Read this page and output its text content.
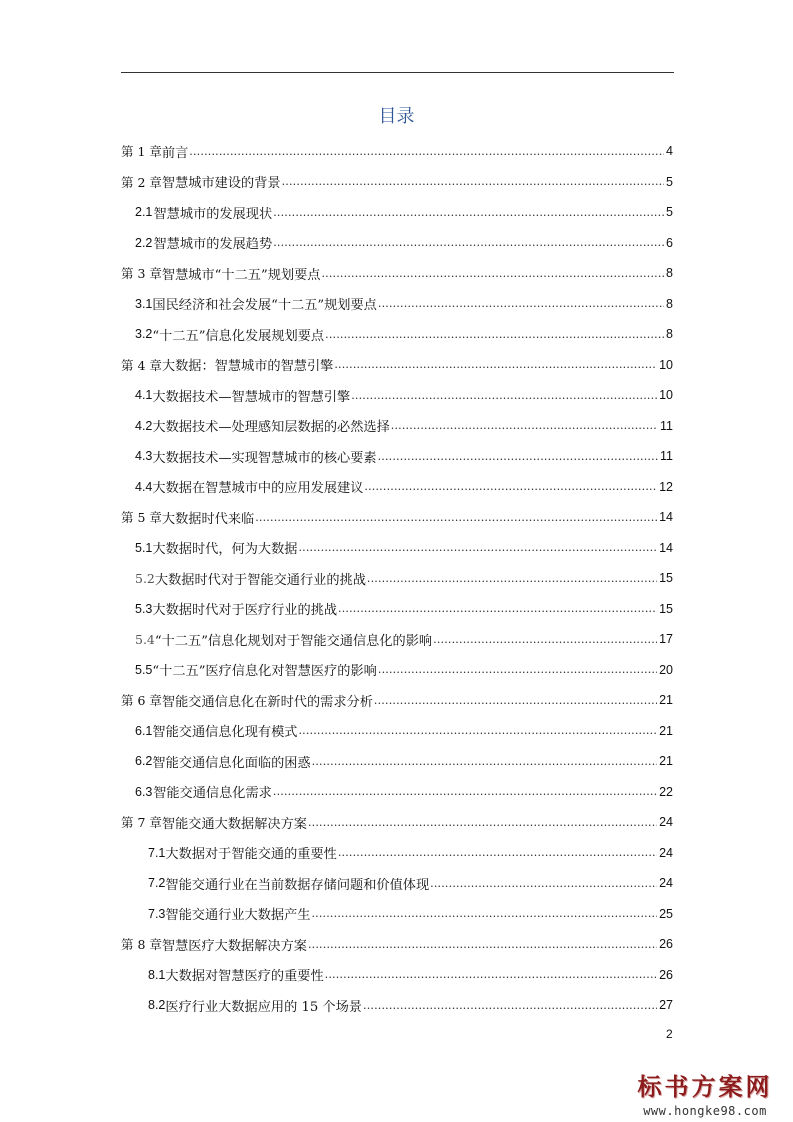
目录
第 1 章 前言 .....	4
第 2 章 智慧城市建设的背景 .....	5
2.1 智慧城市的发展现状 .....	5
2.2 智慧城市的发展趋势 .....	6
第 3 章 智慧城市“十二五”规划要点 .....	8
3.1 国民经济和社会发展“十二五”规划要点 .....	8
3.2 “十二五”信息化发展规划要点 .....	8
第 4 章 大数据：智慧城市的智慧引擎 .....	10
4.1 大数据技术—智慧城市的智慧引擎 .....	10
4.2 大数据技术—处理感知层数据的必然选择 .....	11
4.3 大数据技术—实现智慧城市的核心要素 .....	11
4.4 大数据在智慧城市中的应用发展建议 .....	12
第 5 章 大数据时代来临 .....	14
5.1 大数据时代，何为大数据 .....	14
5.2 大数据时代对于智能交通行业的挑战 .....	15
5.3 大数据时代对于医疗行业的挑战 .....	15
5.4 “十二五”信息化规划对于智能交通信息化的影响 .....	17
5.5 “十二五”医疗信息化对智慧医疗的影响 .....	20
第 6 章 智能交通信息化在新时代的需求分析 .....	21
6.1 智能交通信息化现有模式 .....	21
6.2 智能交通信息化面临的困惑 .....	21
6.3 智能交通信息化需求 .....	22
第 7 章 智能交通大数据解决方案 .....	24
7.1 大数据对于智能交通的重要性 .....	24
7.2 智能交通行业在当前数据存储问题和价值体现 .....	24
7.3 智能交通行业大数据产生 .....	25
第 8 章 智慧医疗大数据解决方案 .....	26
8.1 大数据对智慧医疗的重要性 .....	26
8.2 医疗行业大数据应用的 15 个场景 .....	27
2
标书方案网
www.hongke98.com
